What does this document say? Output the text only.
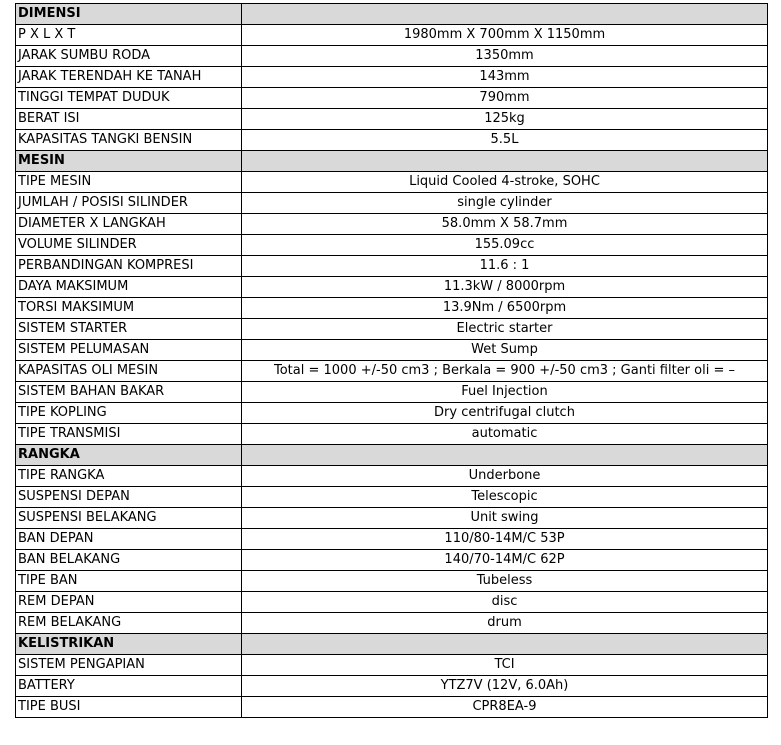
DIMENSI	
P X L X T	1980mm X 700mm X 1150mm
JARAK SUMBU RODA	1350mm
JARAK TERENDAH KE TANAH	143mm
TINGGI TEMPAT DUDUK	790mm
BERAT ISI	125kg
KAPASITAS TANGKI BENSIN	5.5L
MESIN	
TIPE MESIN	Liquid Cooled 4-stroke, SOHC
JUMLAH / POSISI SILINDER	single cylinder
DIAMETER X LANGKAH	58.0mm X 58.7mm
VOLUME SILINDER	155.09cc
PERBANDINGAN KOMPRESI	11.6 : 1
DAYA MAKSIMUM	11.3kW / 8000rpm
TORSI MAKSIMUM	13.9Nm / 6500rpm
SISTEM STARTER	Electric starter
SISTEM PELUMASAN	Wet Sump
KAPASITAS OLI MESIN	Total = 1000 +/-50 cm3 ; Berkala = 900 +/-50 cm3 ; Ganti filter oli = –
SISTEM BAHAN BAKAR	Fuel Injection
TIPE KOPLING	Dry centrifugal clutch
TIPE TRANSMISI	automatic
RANGKA	
TIPE RANGKA	Underbone
SUSPENSI DEPAN	Telescopic
SUSPENSI BELAKANG	Unit swing
BAN DEPAN	110/80-14M/C 53P
BAN BELAKANG	140/70-14M/C 62P
TIPE BAN	Tubeless
REM DEPAN	disc
REM BELAKANG	drum
KELISTRIKAN	
SISTEM PENGAPIAN	TCI
BATTERY	YTZ7V (12V, 6.0Ah)
TIPE BUSI	CPR8EA-9
